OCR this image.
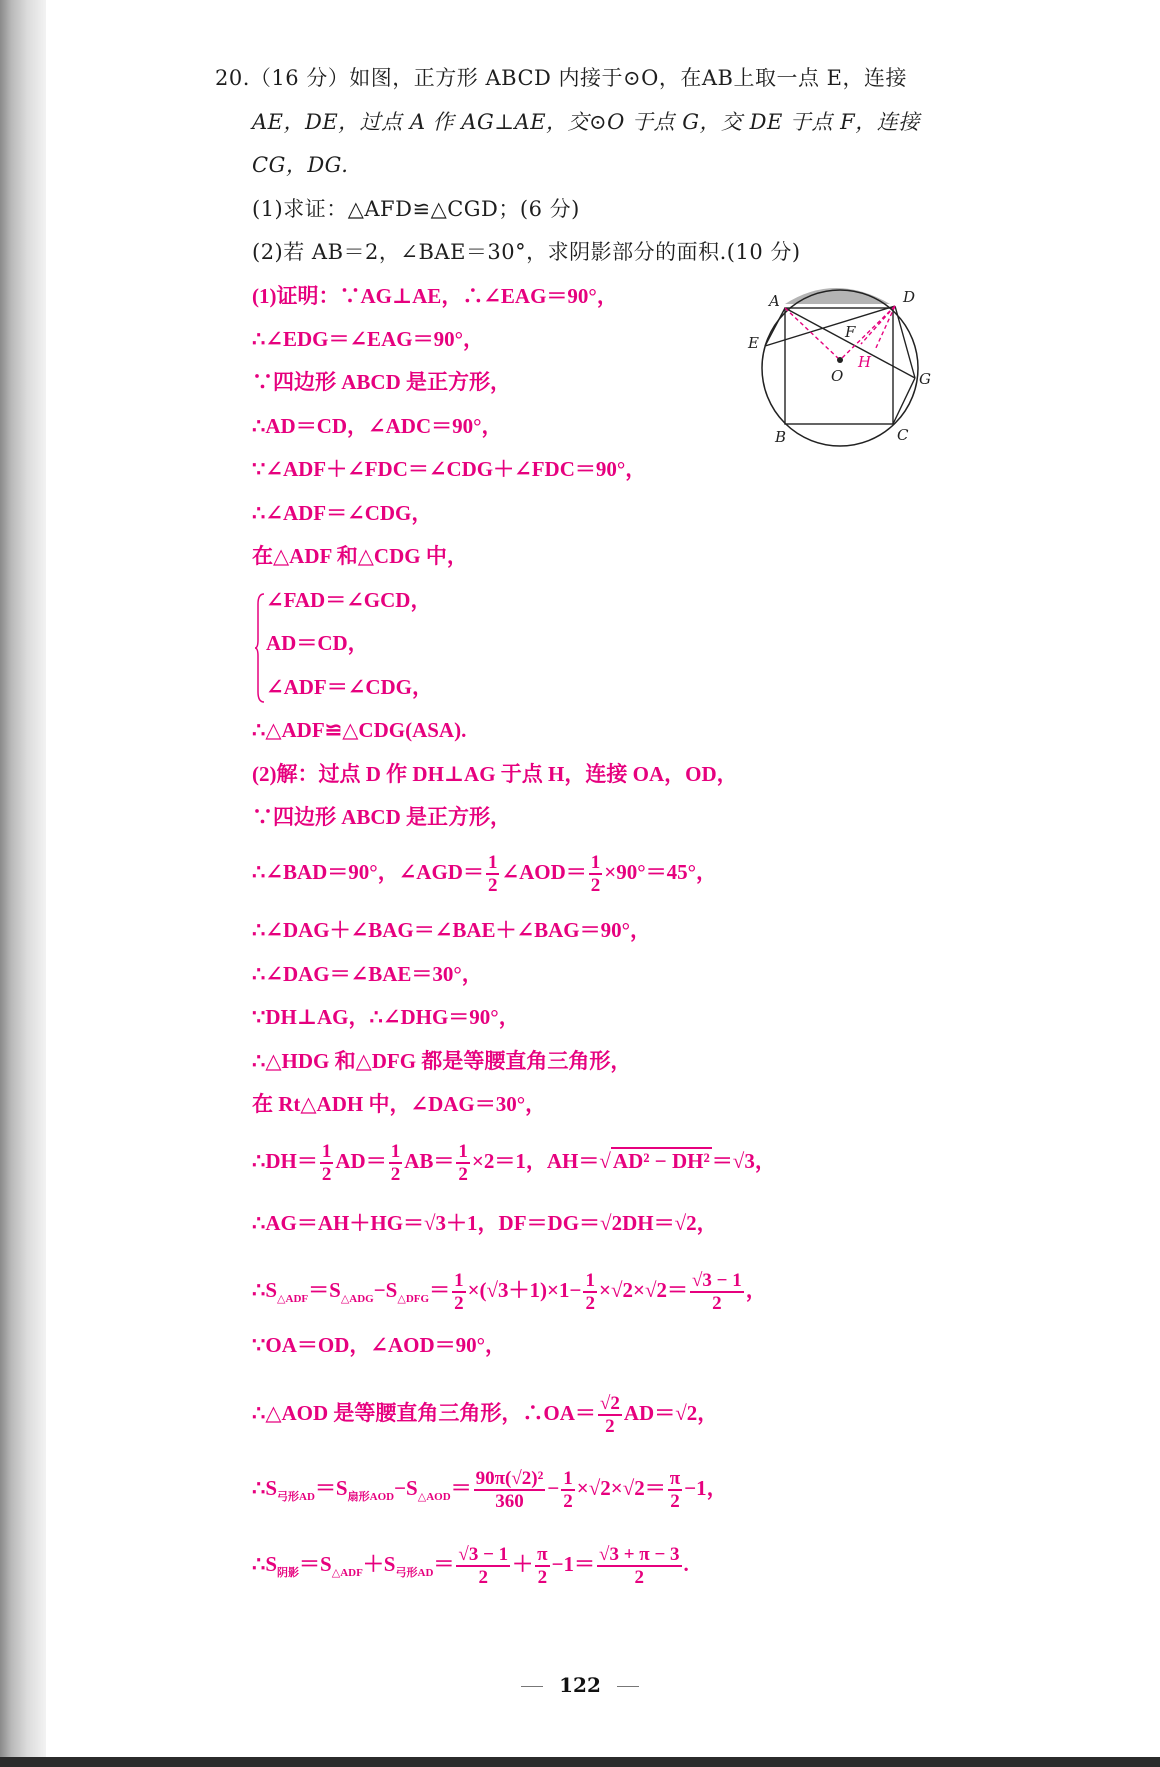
20.（16 分）如图，正方形 ABCD 内接于⊙O，在AB上取一点 E，连接
AE，DE，过点 A 作 AG⊥AE，交⊙O 于点 G，交 DE 于点 F，连接
CG，DG.
(1)求证：△AFD≌△CGD；(6 分)
(2)若 AB＝2，∠BAE＝30°，求阴影部分的面积.(10 分)
A	D
E
F
G
H
O
B	C
(1)证明：∵AG⊥AE，∴∠EAG＝90°，
∴∠EDG＝∠EAG＝90°，
∵四边形 ABCD 是正方形，
∴AD＝CD，∠ADC＝90°，
∵∠ADF＋∠FDC＝∠CDG＋∠FDC＝90°，
∴∠ADF＝∠CDG，
在△ADF 和△CDG 中，
∠FAD＝∠GCD，
AD＝CD，
∠ADF＝∠CDG，
∴△ADF≌△CDG(ASA).
(2)解：过点 D 作 DH⊥AG 于点 H，连接 OA，OD，
∵四边形 ABCD 是正方形，
∴∠BAD＝90°，∠AGD＝ $\frac{1}{2}$ ∠AOD＝ $\frac{1}{2} \times 90^\circ=45^\circ$，
∴∠DAG＋∠BAG＝∠BAE＋∠BAG＝90°，
∴∠DAG＝∠BAE＝30°，
∵DH⊥AG，∴∠DHG＝90°，
∴△HDG 和△DFG 都是等腰直角三角形，
在 Rt△ADH 中，∠DAG＝30°，
∴DH＝ $\frac{1}{2} AD= \frac{1}{2} AB= \frac{1}{2} \times 2=1$，AH＝√AD² − DH²＝√3，
∴AG＝AH＋HG＝√3＋1，DF＝DG＝√2DH＝√2，
$\therefore S_{\triangle ADF}=S_{\triangle ADG}-S_{\triangle DFG}= \frac{1}{2} \times(√3+1)\times 1- \frac{1}{2} \times√2\times√2= \frac{√3 - 1}{2}$ ，
∵OA＝OD，∠AOD＝90°，
∴△AOD 是等腰直角三角形，∴OA＝ $\frac{√2}{2} AD=√2$，
$\therefore S_{弓形AD}=S_{扇形AOD}-S_{\triangle AOD}= \frac{\text{90π(√2)²}}{360} - \frac{1}{2} \times√2\times√2= \frac{\pi}{2} -1$，
$\therefore S_{阴影}=S_{\triangle ADF}+S_{弓形AD}= \frac{√3 - 1}{2} + \frac{\pi}{2} -1= \frac{√3 + \pi - 3}{2}$ .
122
